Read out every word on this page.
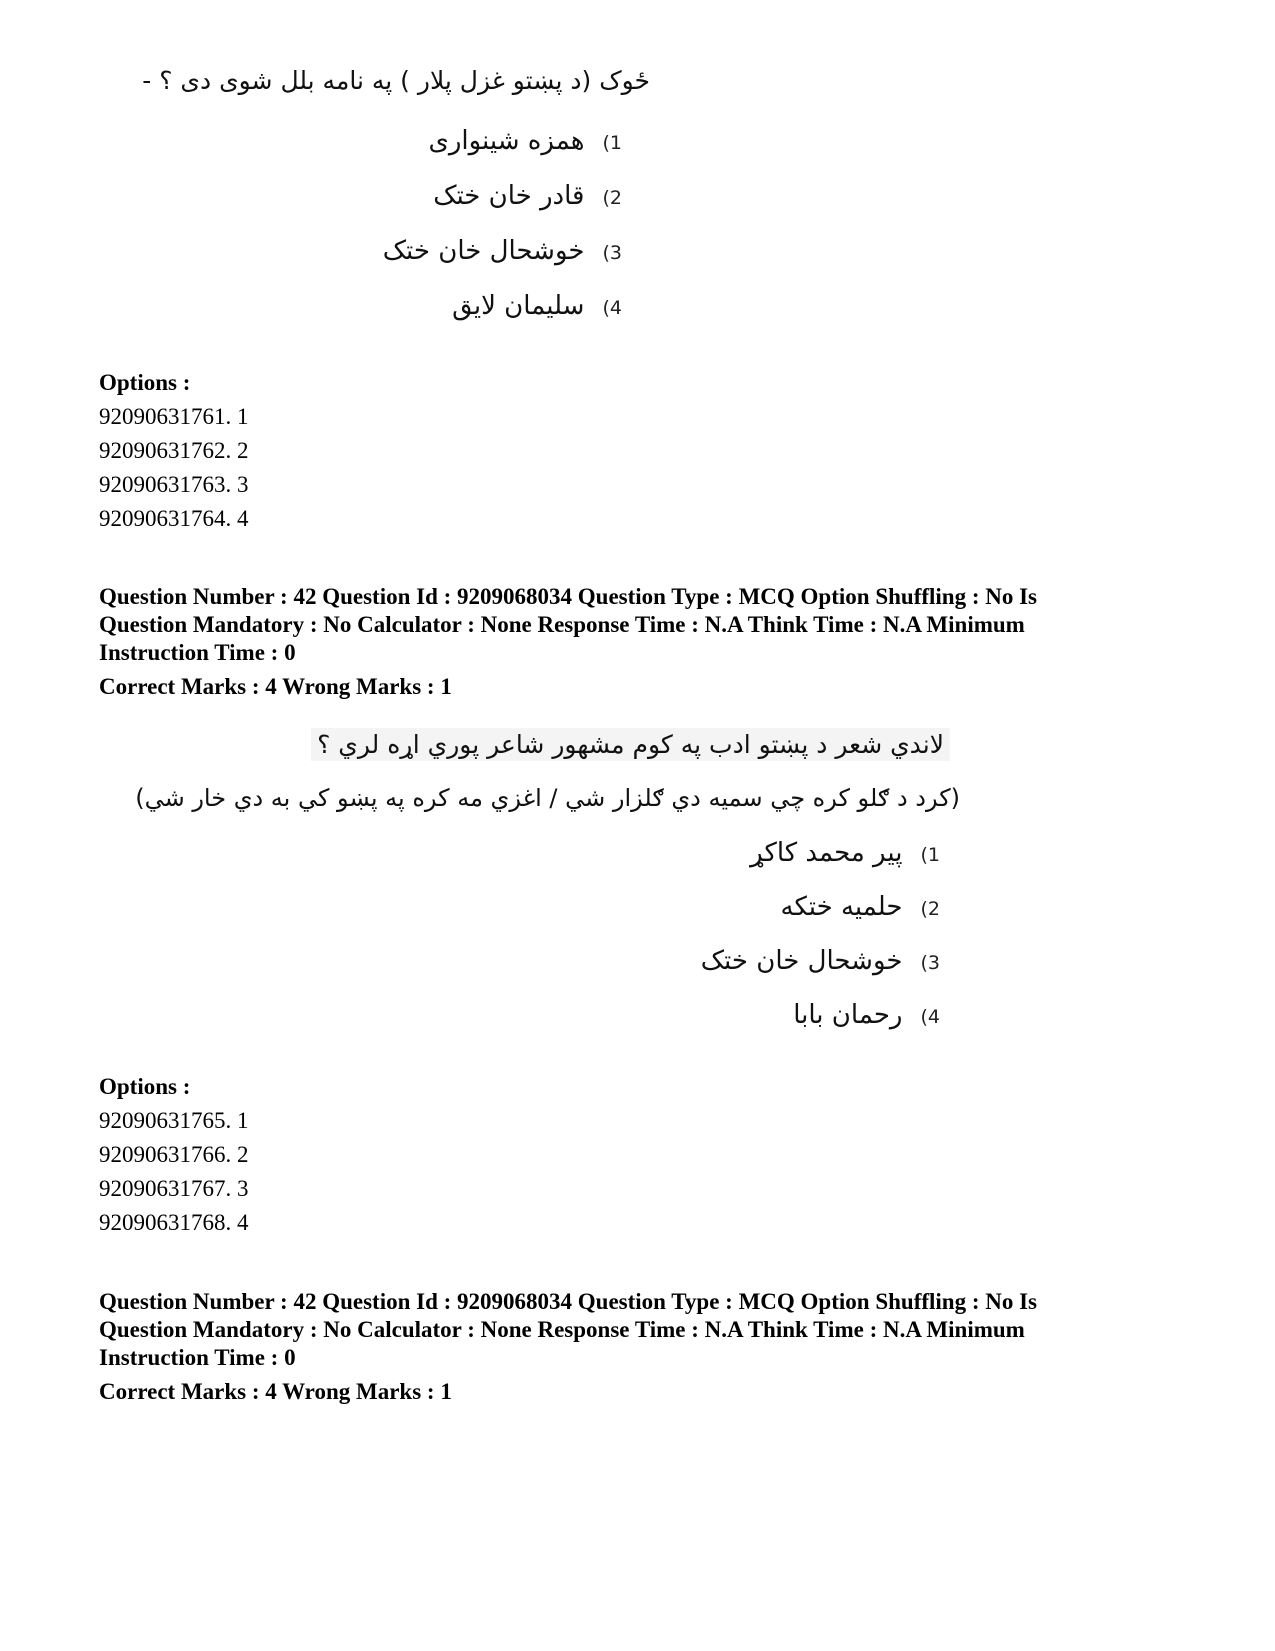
ځوک (د پښتو غزل پلار ) په نامه بلل شوی دی ؟ -
همزه شینواری (1
قادر خان ختک (2
خوشحال خان ختک (3
سلیمان لایق (4
Options :
92090631761. 1
92090631762. 2
92090631763. 3
92090631764. 4
Question Number : 42 Question Id : 9209068034 Question Type : MCQ Option Shuffling : No Is
Question Mandatory : No Calculator : None Response Time : N.A Think Time : N.A Minimum
Instruction Time : 0
Correct Marks : 4 Wrong Marks : 1
لاندي شعر د پښتو ادب په کوم مشهور شاعر پوري اړه لري ؟
(کرد د ګلو کره چي سميه دي ګلزار شي / اغزي مه کره په پښو کي به دي خار شي)
پیر محمد کاکړ (1
حلميه ختکه (2
خوشحال خان ختک (3
رحمان بابا (4
Options :
92090631765. 1
92090631766. 2
92090631767. 3
92090631768. 4
Question Number : 42 Question Id : 9209068034 Question Type : MCQ Option Shuffling : No Is
Question Mandatory : No Calculator : None Response Time : N.A Think Time : N.A Minimum
Instruction Time : 0
Correct Marks : 4 Wrong Marks : 1
